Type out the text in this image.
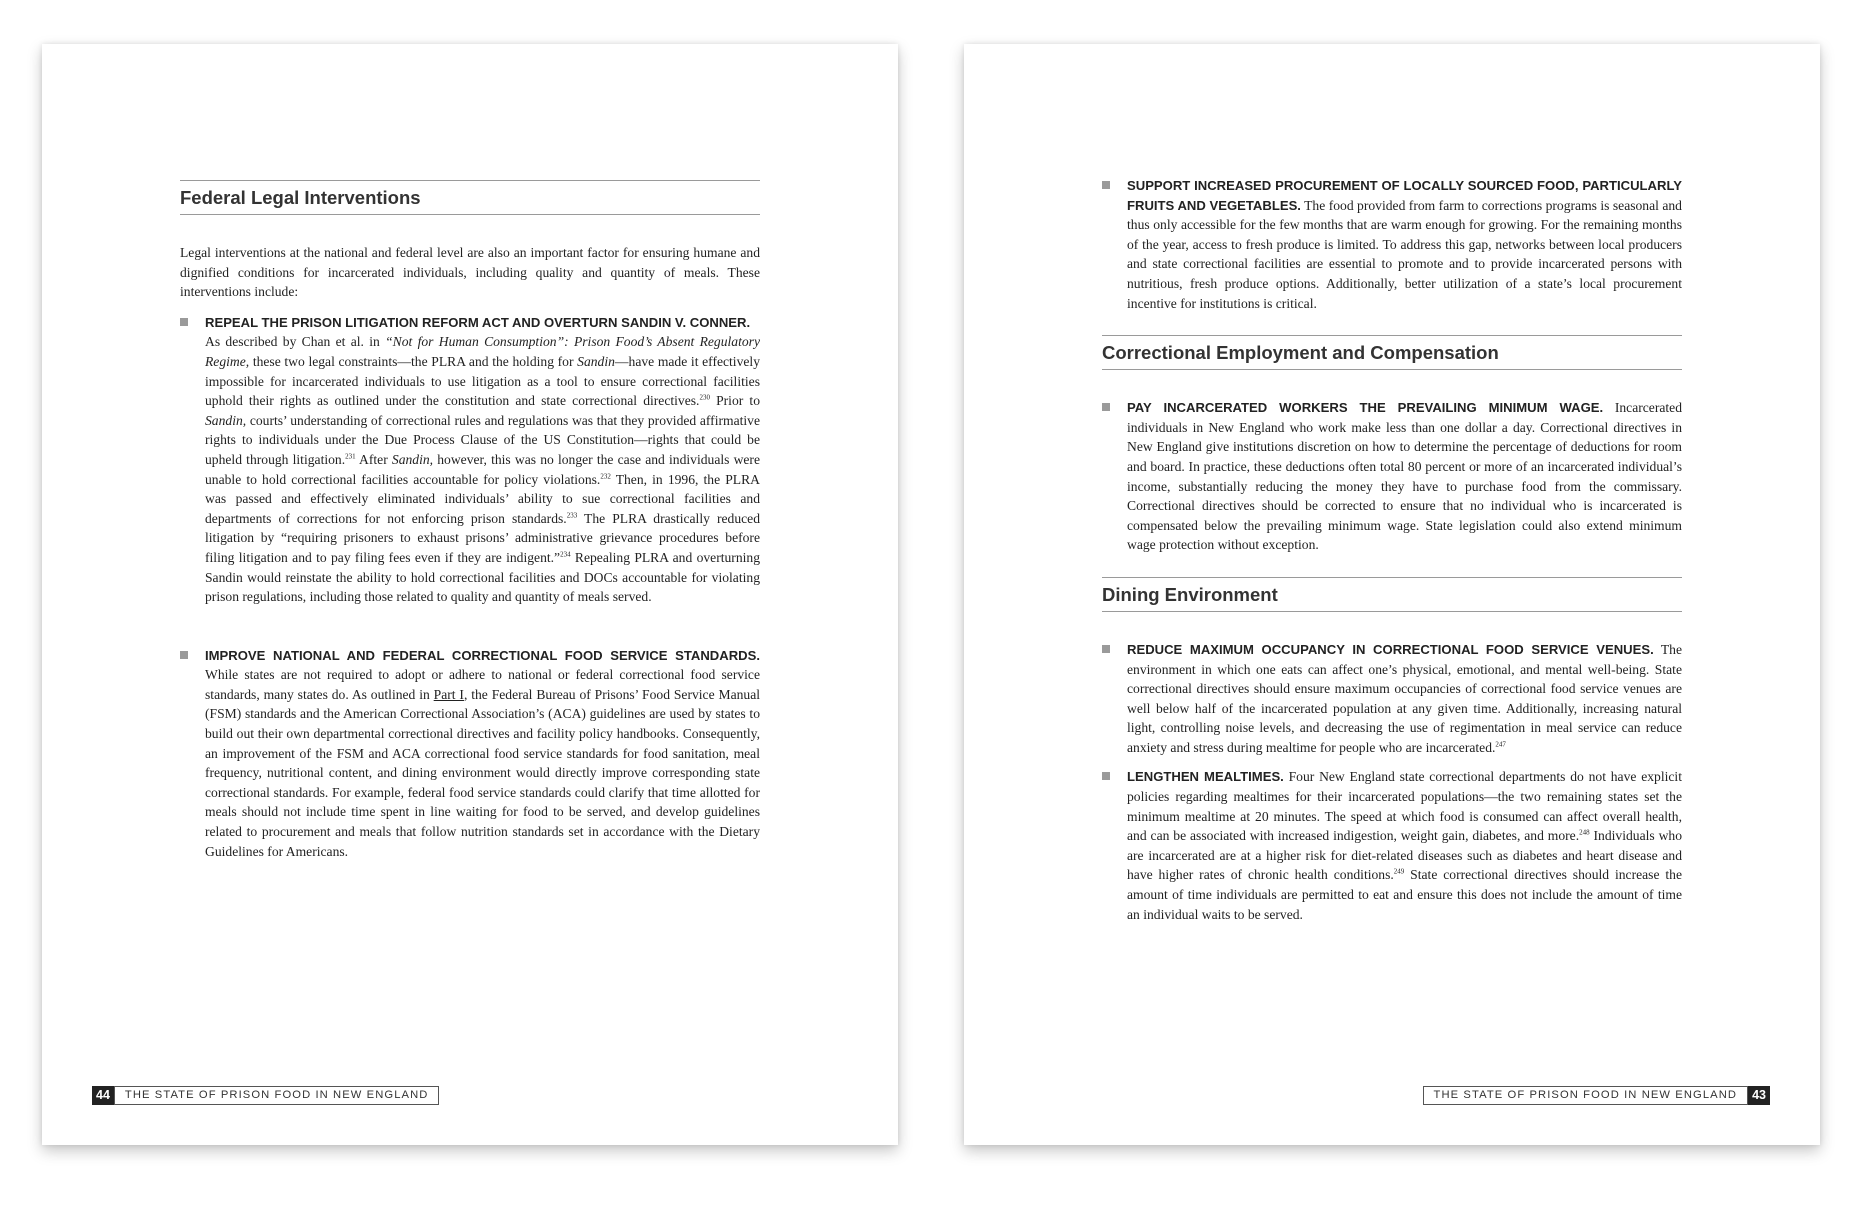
Federal Legal Interventions

Legal interventions at the national and federal level are also an important factor for ensuring humane and dignified conditions for incarcerated individuals, including quality and quantity of meals. These interventions include:

REPEAL THE PRISON LITIGATION REFORM ACT AND OVERTURN SANDIN V. CONNER.
As described by Chan et al. in “Not for Human Consumption”: Prison Food’s Absent Regulatory Regime, these two legal constraints—the PLRA and the holding for Sandin—have made it effectively impossible for incarcerated individuals to use litigation as a tool to ensure correctional facilities uphold their rights as outlined under the constitution and state correctional directives.$^{230}$ Prior to Sandin, courts’ understanding of correctional rules and regulations was that they provided affirmative rights to individuals under the Due Process Clause of the US Constitution—rights that could be upheld through litigation.$^{231}$ After Sandin, however, this was no longer the case and individuals were unable to hold correctional facilities accountable for policy violations.$^{232}$ Then, in 1996, the PLRA was passed and effectively eliminated individuals’ ability to sue correctional facilities and departments of corrections for not enforcing prison standards.$^{233}$ The PLRA drastically reduced litigation by “requiring prisoners to exhaust prisons’ administrative grievance procedures before filing litigation and to pay filing fees even if they are indigent.”$^{234}$ Repealing PLRA and overturning Sandin would reinstate the ability to hold correctional facilities and DOCs accountable for violating prison regulations, including those related to quality and quantity of meals served.
IMPROVE NATIONAL AND FEDERAL CORRECTIONAL FOOD SERVICE STANDARDS. While states are not required to adopt or adhere to national or federal correctional food service standards, many states do. As outlined in Part I, the Federal Bureau of Prisons’ Food Service Manual (FSM) standards and the American Correctional Association’s (ACA) guidelines are used by states to build out their own departmental correctional directives and facility policy handbooks. Consequently, an improvement of the FSM and ACA correctional food service standards for food sanitation, meal frequency, nutritional content, and dining environment would directly improve corresponding state correctional standards. For example, federal food service standards could clarify that time allotted for meals should not include time spent in line waiting for food to be served, and develop guidelines related to procurement and meals that follow nutrition standards set in accordance with the Dietary Guidelines for Americans.
44	THE STATE OF PRISON FOOD IN NEW ENGLAND
SUPPORT INCREASED PROCUREMENT OF LOCALLY SOURCED FOOD, PARTICULARLY FRUITS AND VEGETABLES. The food provided from farm to corrections programs is seasonal and thus only accessible for the few months that are warm enough for growing. For the remaining months of the year, access to fresh produce is limited. To address this gap, networks between local producers and state correctional facilities are essential to promote and to provide incarcerated persons with nutritious, fresh produce options. Additionally, better utilization of a state’s local procurement incentive for institutions is critical.
Correctional Employment and Compensation
PAY INCARCERATED WORKERS THE PREVAILING MINIMUM WAGE. Incarcerated individuals in New England who work make less than one dollar a day. Correctional directives in New England give institutions discretion on how to determine the percentage of deductions for room and board. In practice, these deductions often total 80 percent or more of an incarcerated individual’s income, substantially reducing the money they have to purchase food from the commissary. Correctional directives should be corrected to ensure that no individual who is incarcerated is compensated below the prevailing minimum wage. State legislation could also extend minimum wage protection without exception.
Dining Environment
REDUCE MAXIMUM OCCUPANCY IN CORRECTIONAL FOOD SERVICE VENUES. The environment in which one eats can affect one’s physical, emotional, and mental well-being. State correctional directives should ensure maximum occupancies of correctional food service venues are well below half of the incarcerated population at any given time. Additionally, increasing natural light, controlling noise levels, and decreasing the use of regimentation in meal service can reduce anxiety and stress during mealtime for people who are incarcerated.$^{247}$
LENGTHEN MEALTIMES. Four New England state correctional departments do not have explicit policies regarding mealtimes for their incarcerated populations—the two remaining states set the minimum mealtime at 20 minutes. The speed at which food is consumed can affect overall health, and can be associated with increased indigestion, weight gain, diabetes, and more.$^{248}$ Individuals who are incarcerated are at a higher risk for diet-related diseases such as diabetes and heart disease and have higher rates of chronic health conditions.$^{249}$ State correctional directives should increase the amount of time individuals are permitted to eat and ensure this does not include the amount of time an individual waits to be served.
THE STATE OF PRISON FOOD IN NEW ENGLAND	43
